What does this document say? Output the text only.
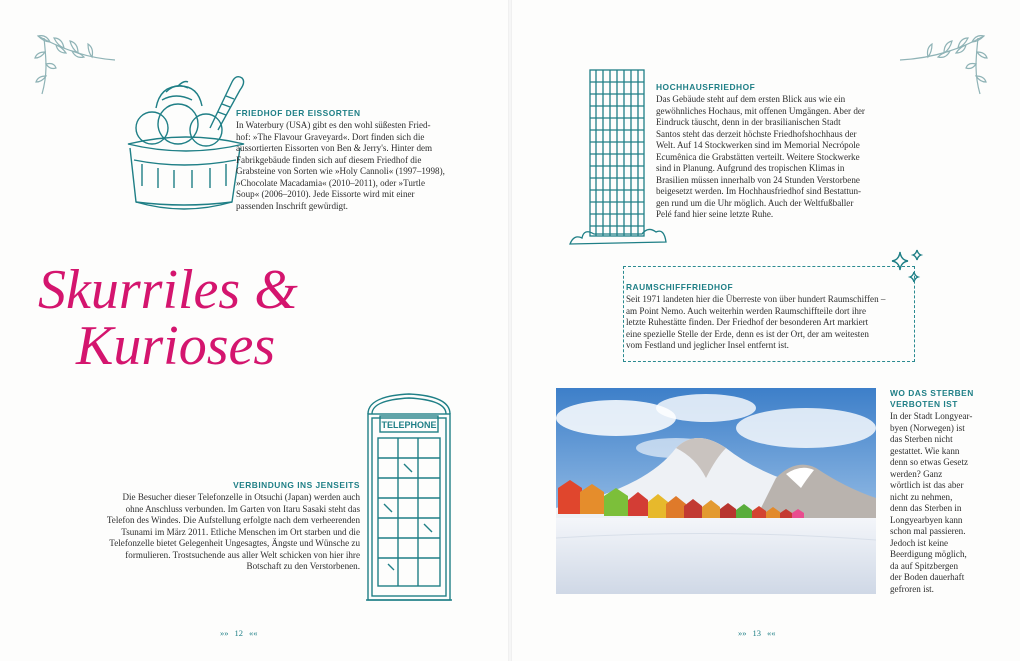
FRIEDHOF DER EISSORTEN

In Waterbury (USA) gibt es den wohl süßesten Fried-

hof: »The Flavour Graveyard«. Dort finden sich die

aussortierten Eissorten von Ben & Jerry's. Hinter dem

Fabrikgebäude finden sich auf diesem Friedhof die

Grabsteine von Sorten wie »Holy Cannoli« (1997–1998),

»Chocolate Macadamia« (2010–2011), oder »Turtle

Soup« (2006–2010). Jede Eissorte wird mit einer

passenden Inschrift gewürdigt.

Skurriles &
Kurioses
TELEPHONE
VERBINDUNG INS JENSEITS

Die Besucher dieser Telefonzelle in Otsuchi (Japan) werden auch

ohne Anschluss verbunden. Im Garten von Itaru Sasaki steht das

Telefon des Windes. Die Aufstellung erfolgte nach dem verheerenden

Tsunami im März 2011. Etliche Menschen im Ort starben und die

Telefonzelle bietet Gelegenheit Ungesagtes, Ängste und Wünsche zu

formulieren. Trostsuchende aus aller Welt schicken von hier ihre

Botschaft zu den Verstorbenen.

»» 12 ««
HOCHHAUSFRIEDHOF

Das Gebäude steht auf dem ersten Blick aus wie ein

gewöhnliches Hochaus, mit offenen Umgängen. Aber der

Eindruck täuscht, denn in der brasilianischen Stadt

Santos steht das derzeit höchste Friedhofshochhaus der

Welt. Auf 14 Stockwerken sind im Memorial Necrópole

Ecumênica die Grabstätten verteilt. Weitere Stockwerke

sind in Planung. Aufgrund des tropischen Klimas in

Brasilien müssen innerhalb von 24 Stunden Verstorbene

beigesetzt werden. Im Hochhausfriedhof sind Bestattun-

gen rund um die Uhr möglich. Auch der Weltfußballer

Pelé fand hier seine letzte Ruhe.

RAUMSCHIFFFRIEDHOF

Seit 1971 landeten hier die Überreste von über hundert Raumschiffen –

am Point Nemo. Auch weiterhin werden Raumschiffteile dort ihre

letzte Ruhestätte finden. Der Friedhof der besonderen Art markiert

eine spezielle Stelle der Erde, denn es ist der Ort, der am weitesten

vom Festland und jeglicher Insel entfernt ist.

WO DAS STERBEN
VERBOTEN IST

In der Stadt Longyear-

byen (Norwegen) ist

das Sterben nicht

gestattet. Wie kann

denn so etwas Gesetz

werden? Ganz

wörtlich ist das aber

nicht zu nehmen,

denn das Sterben in

Longyearbyen kann

schon mal passieren.

Jedoch ist keine

Beerdigung möglich,

da auf Spitzbergen

der Boden dauerhaft

gefroren ist.

»» 13 ««
